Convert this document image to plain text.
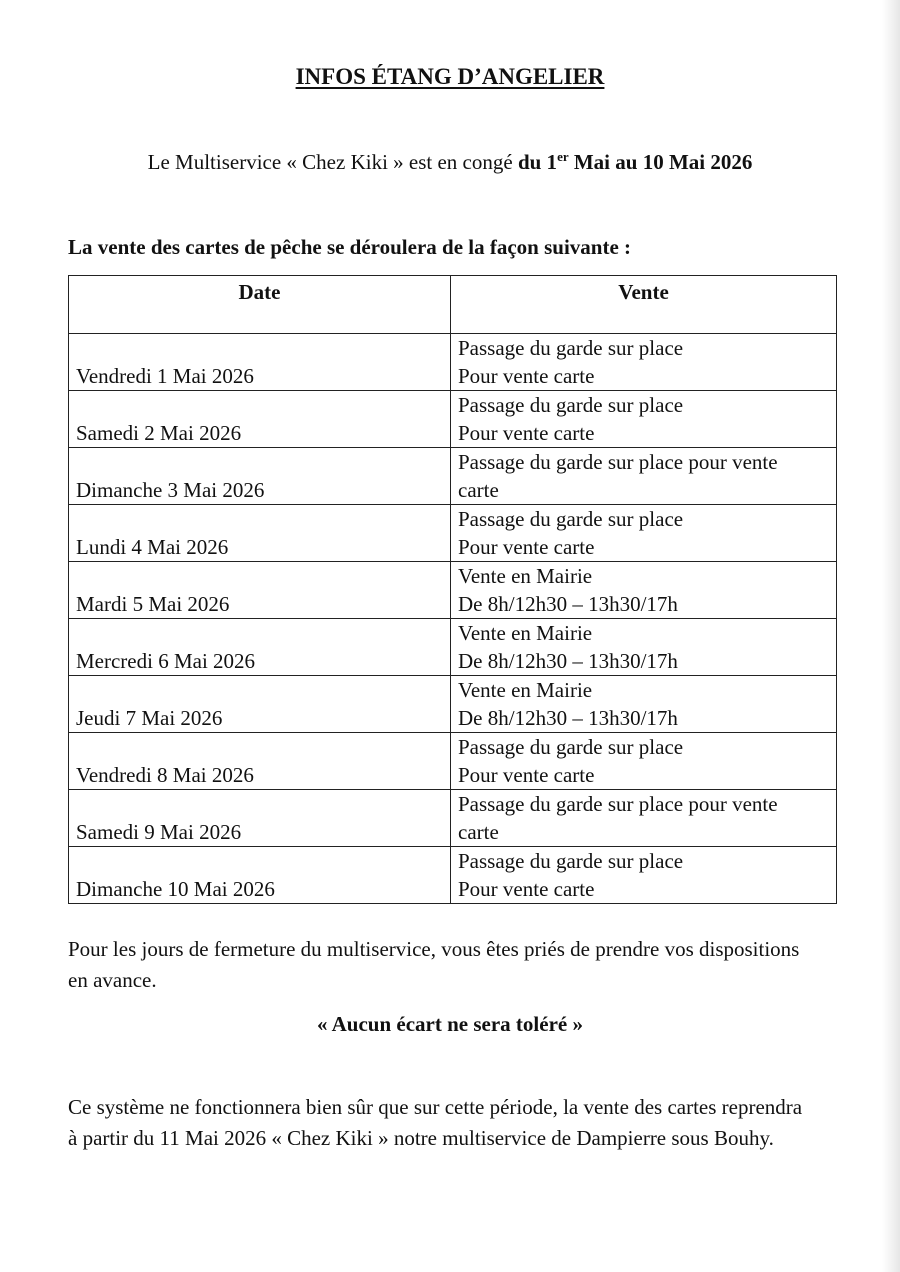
INFOS ÉTANG D’ANGELIER
Le Multiservice « Chez Kiki » est en congé du 1er Mai au 10 Mai 2026
La vente des cartes de pêche se déroulera de la façon suivante :
Date	Vente
Vendredi 1 Mai 2026	Passage du garde sur place
Pour vente carte

Samedi 2 Mai 2026	Passage du garde sur place
Pour vente carte

Dimanche 3 Mai 2026	Passage du garde sur place pour vente
carte

Lundi 4 Mai 2026	Passage du garde sur place
Pour vente carte

Mardi 5 Mai 2026	Vente en Mairie
De 8h/12h30 – 13h30/17h

Mercredi 6 Mai 2026	Vente en Mairie
De 8h/12h30 – 13h30/17h

Jeudi 7 Mai 2026	Vente en Mairie
De 8h/12h30 – 13h30/17h

Vendredi 8 Mai 2026	Passage du garde sur place
Pour vente carte

Samedi 9 Mai 2026	Passage du garde sur place pour vente
carte

Dimanche 10 Mai 2026	Passage du garde sur place
Pour vente carte
Pour les jours de fermeture du multiservice, vous êtes priés de prendre vos dispositions en avance.
« Aucun écart ne sera toléré »
Ce système ne fonctionnera bien sûr que sur cette période, la vente des cartes reprendra à partir du 11 Mai 2026 « Chez Kiki » notre multiservice de Dampierre sous Bouhy.
